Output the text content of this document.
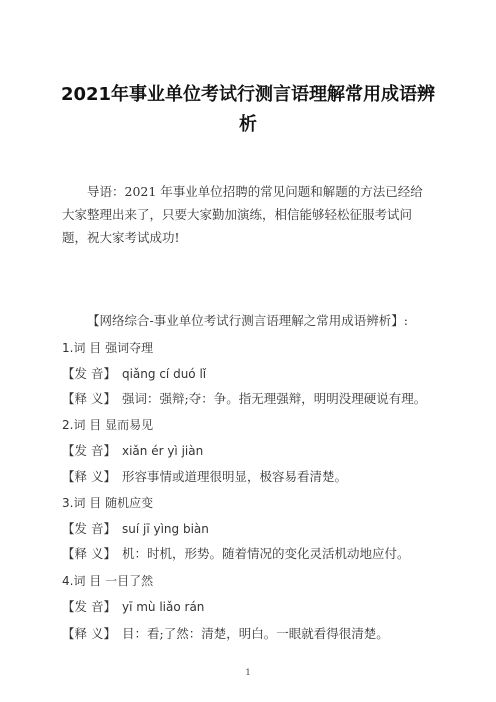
2021年事业单位考试行测言语理解常用成语辨析
导语：2021 年事业单位招聘的常见问题和解题的方法已经给大家整理出来了，只要大家勤加演练，相信能够轻松征服考试问题，祝大家考试成功!
【网络综合-事业单位考试行测言语理解之常用成语辨析】:
1.词 目 强词夺理
【发 音】 qiǎng cí duó lǐ
【释 义】 强词：强辩;夺：争。指无理强辩，明明没理硬说有理。
2.词 目 显而易见
【发 音】 xiǎn ér yì jiàn
【释 义】 形容事情或道理很明显，极容易看清楚。
3.词 目 随机应变
【发 音】 suí jī yìng biàn
【释 义】 机：时机，形势。随着情况的变化灵活机动地应付。
4.词 目 一目了然
【发 音】 yī mù liǎo rán
【释 义】 目：看;了然：清楚，明白。一眼就看得很清楚。
1
